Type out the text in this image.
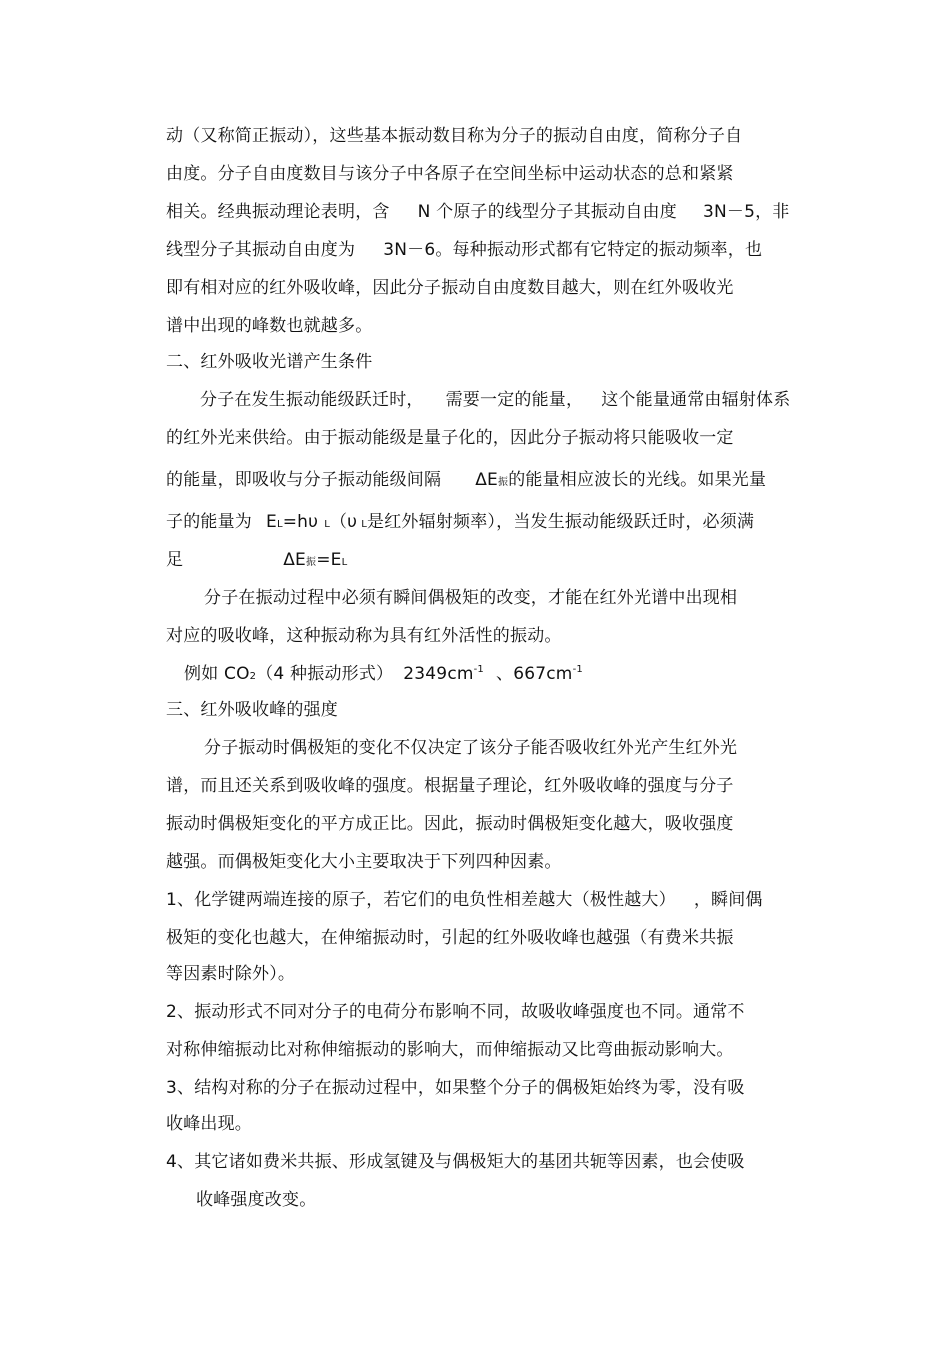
动（又称简正振动），这些基本振动数目称为分子的振动自由度，简称分子自
由度。分子自由度数目与该分子中各原子在空间坐标中运动状态的总和紧紧
相关。经典振动理论表明，含 N 个原子的线型分子其振动自由度 3N－5，非
线型分子其振动自由度为 3N－6。每种振动形式都有它特定的振动频率，也
即有相对应的红外吸收峰，因此分子振动自由度数目越大，则在红外吸收光
谱中出现的峰数也就越多。
二、红外吸收光谱产生条件
分子在发生振动能级跃迁时， 需要一定的能量， 这个能量通常由辐射体系
的红外光来供给。由于振动能级是量子化的，因此分子振动将只能吸收一定
的能量，即吸收与分子振动能级间隔 ΔE振的能量相应波长的光线。如果光量
子的能量为 EL=hυ L（υ L是红外辐射频率），当发生振动能级跃迁时，必须满
足	ΔE振=EL
分子在振动过程中必须有瞬间偶极矩的改变，才能在红外光谱中出现相
对应的吸收峰，这种振动称为具有红外活性的振动。
例如 CO2（4 种振动形式） $2349cm^{-1}$ 、$667cm^{-1}$
三、红外吸收峰的强度
分子振动时偶极矩的变化不仅决定了该分子能否吸收红外光产生红外光
谱，而且还关系到吸收峰的强度。根据量子理论，红外吸收峰的强度与分子
振动时偶极矩变化的平方成正比。因此，振动时偶极矩变化越大，吸收强度
越强。而偶极矩变化大小主要取决于下列四种因素。
1、化学键两端连接的原子，若它们的电负性相差越大（极性越大） ，瞬间偶
极矩的变化也越大，在伸缩振动时，引起的红外吸收峰也越强（有费米共振
等因素时除外）。
2、振动形式不同对分子的电荷分布影响不同，故吸收峰强度也不同。通常不
对称伸缩振动比对称伸缩振动的影响大，而伸缩振动又比弯曲振动影响大。
3、结构对称的分子在振动过程中，如果整个分子的偶极矩始终为零，没有吸
收峰出现。
4、其它诸如费米共振、形成氢键及与偶极矩大的基团共轭等因素，也会使吸
收峰强度改变。
